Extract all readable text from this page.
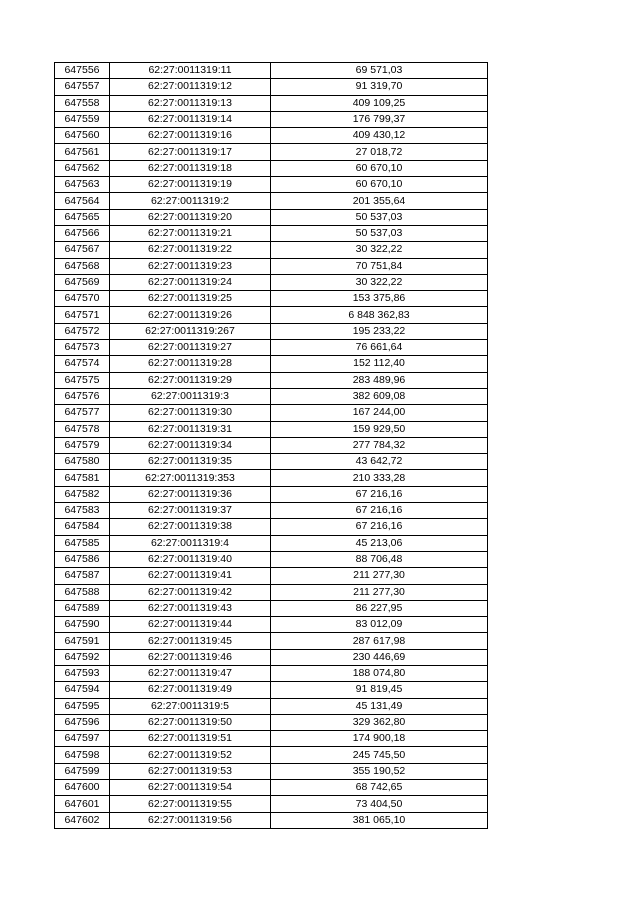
647556	62:27:0011319:11	69 571,03
647557	62:27:0011319:12	91 319,70
647558	62:27:0011319:13	409 109,25
647559	62:27:0011319:14	176 799,37
647560	62:27:0011319:16	409 430,12
647561	62:27:0011319:17	27 018,72
647562	62:27:0011319:18	60 670,10
647563	62:27:0011319:19	60 670,10
647564	62:27:0011319:2	201 355,64
647565	62:27:0011319:20	50 537,03
647566	62:27:0011319:21	50 537,03
647567	62:27:0011319:22	30 322,22
647568	62:27:0011319:23	70 751,84
647569	62:27:0011319:24	30 322,22
647570	62:27:0011319:25	153 375,86
647571	62:27:0011319:26	6 848 362,83
647572	62:27:0011319:267	195 233,22
647573	62:27:0011319:27	76 661,64
647574	62:27:0011319:28	152 112,40
647575	62:27:0011319:29	283 489,96
647576	62:27:0011319:3	382 609,08
647577	62:27:0011319:30	167 244,00
647578	62:27:0011319:31	159 929,50
647579	62:27:0011319:34	277 784,32
647580	62:27:0011319:35	43 642,72
647581	62:27:0011319:353	210 333,28
647582	62:27:0011319:36	67 216,16
647583	62:27:0011319:37	67 216,16
647584	62:27:0011319:38	67 216,16
647585	62:27:0011319:4	45 213,06
647586	62:27:0011319:40	88 706,48
647587	62:27:0011319:41	211 277,30
647588	62:27:0011319:42	211 277,30
647589	62:27:0011319:43	86 227,95
647590	62:27:0011319:44	83 012,09
647591	62:27:0011319:45	287 617,98
647592	62:27:0011319:46	230 446,69
647593	62:27:0011319:47	188 074,80
647594	62:27:0011319:49	91 819,45
647595	62:27:0011319:5	45 131,49
647596	62:27:0011319:50	329 362,80
647597	62:27:0011319:51	174 900,18
647598	62:27:0011319:52	245 745,50
647599	62:27:0011319:53	355 190,52
647600	62:27:0011319:54	68 742,65
647601	62:27:0011319:55	73 404,50
647602	62:27:0011319:56	381 065,10
